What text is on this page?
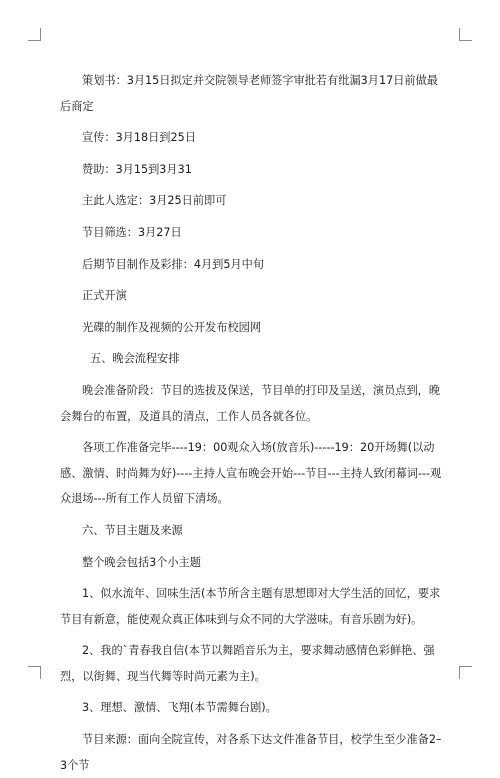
策划书：3月15日拟定并交院领导老师签字审批若有纰漏3月17日前做最后商定

宣传：3月18日到25日

赞助：3月15到3月31

主此人选定：3月25日前即可

节目筛选：3月27日

后期节目制作及彩排：4月到5月中旬

正式开演

光碟的制作及视频的公开发布校园网

五、晚会流程安排

晚会准备阶段：节目的选拔及保送，节目单的打印及呈送，演员点到，晚会舞台的布置，及道具的清点，工作人员各就各位。

各项工作准备完毕----19：00观众入场(放音乐)-----19：20开场舞(以动感、激情、时尚舞为好)----主持人宣布晚会开始---节目---主持人致闭幕词---观众退场---所有工作人员留下清场。

六、节目主题及来源

整个晚会包括3个小主题

1、似水流年、回味生活(本节所含主题有思想即对大学生活的回忆，要求节目有新意，能使观众真正体味到与众不同的大学滋味。有音乐剧为好)。

2、我的`青春我自信(本节以舞蹈音乐为主，要求舞动感情色彩鲜艳、强烈，以街舞、现当代舞等时尚元素为主)。

3、理想、激情、飞翔(本节需舞台剧)。

节目来源：面向全院宣传，对各系下达文件准备节目，校学生至少准备2–3个节
